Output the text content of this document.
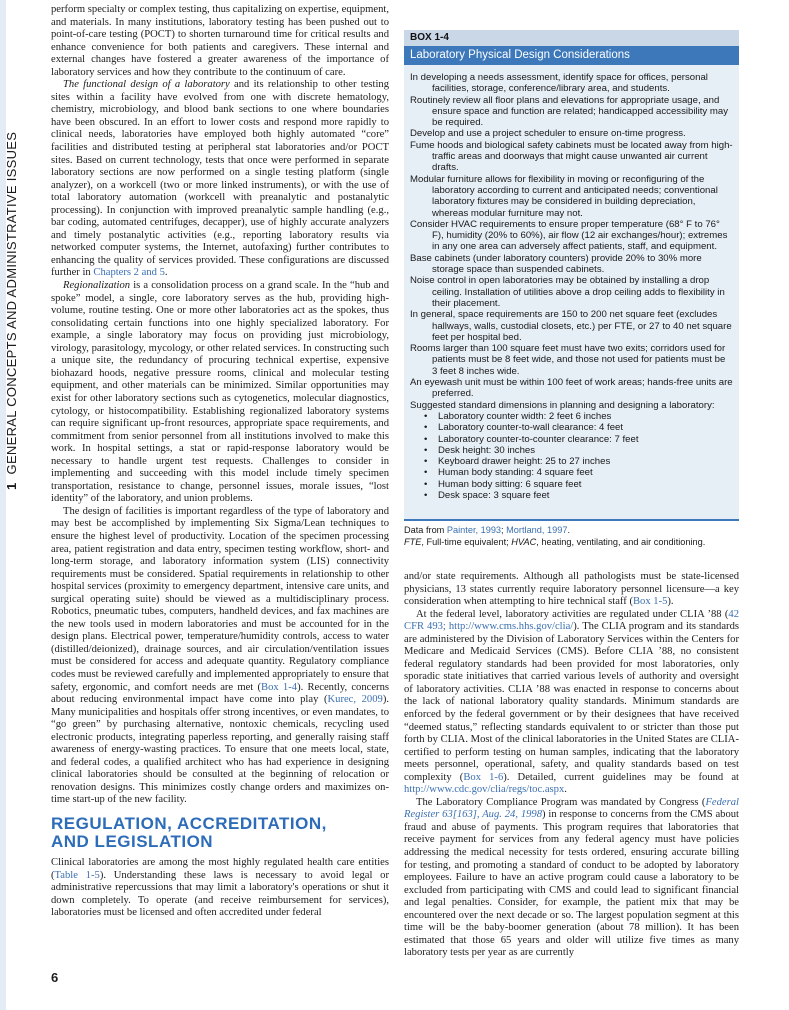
1GENERAL CONCEPTS AND ADMINISTRATIVE ISSUES

perform specialty or complex testing, thus capitalizing on expertise, equipment, and materials. In many institutions, laboratory testing has been pushed out to point-of-care testing (POCT) to shorten turnaround time for critical results and enhance convenience for both patients and caregivers. These internal and external changes have fostered a greater awareness of the importance of laboratory services and how they contribute to the continuum of care.

The functional design of a laboratory and its relationship to other testing sites within a facility have evolved from one with discrete hematology, chemistry, microbiology, and blood bank sections to one where boundaries have been obscured. In an effort to lower costs and respond more rapidly to clinical needs, laboratories have employed both highly automated “core” facilities and distributed testing at peripheral stat laboratories and/or POCT sites. Based on current technology, tests that once were performed in separate laboratory sections are now performed on a single testing platform (single analyzer), on a workcell (two or more linked instruments), or with the use of total laboratory automation (workcell with preanalytic and postanalytic processing). In conjunction with improved preanalytic sample handling (e.g., bar coding, automated centrifuges, decapper), use of highly accurate analyzers and timely postanalytic activities (e.g., reporting laboratory results via networked computer systems, the Internet, autofaxing) further contributes to enhancing the quality of services provided. These configurations are discussed further in Chapters 2 and 5.

Regionalization is a consolidation process on a grand scale. In the “hub and spoke” model, a single, core laboratory serves as the hub, providing high-volume, routine testing. One or more other laboratories act as the spokes, thus consolidating certain functions into one highly specialized laboratory. For example, a single laboratory may focus on providing just microbiology, virology, parasitology, mycology, or other related services. In constructing such a unique site, the redundancy of procuring technical expertise, expensive biohazard hoods, negative pressure rooms, clinical and molecular testing equipment, and other materials can be minimized. Similar opportunities may exist for other laboratory sections such as cytogenetics, molecular diagnostics, cytology, or histocompatibility. Establishing regionalized laboratory systems can require significant up-front resources, appropriate space requirements, and commitment from senior personnel from all institutions involved to make this work. In hospital settings, a stat or rapid-response laboratory would be necessary to handle urgent test requests. Challenges to consider in implementing and succeeding with this model include timely specimen transportation, resistance to change, personnel issues, morale issues, “lost identity” of the laboratory, and union problems.

The design of facilities is important regardless of the type of laboratory and may best be accomplished by implementing Six Sigma/Lean techniques to ensure the highest level of productivity. Location of the specimen processing area, patient registration and data entry, specimen testing workflow, short- and long-term storage, and laboratory information system (LIS) connectivity requirements must be considered. Spatial requirements in relationship to other hospital services (proximity to emergency department, intensive care units, and surgical operating suite) should be viewed as a multidisciplinary process. Robotics, pneumatic tubes, computers, handheld devices, and fax machines are the new tools used in modern laboratories and must be accounted for in the design plans. Electrical power, temperature/humidity controls, access to water (distilled/deionized), drainage sources, and air circulation/ventilation issues must be considered for access and adequate quantity. Regulatory compliance codes must be reviewed carefully and implemented appropriately to ensure that safety, ergonomic, and comfort needs are met (Box 1-4). Recently, concerns about reducing environmental impact have come into play (Kurec, 2009). Many municipalities and hospitals offer strong incentives, or even mandates, to “go green” by purchasing alternative, nontoxic chemicals, recycling used electronic products, integrating paperless reporting, and generally raising staff awareness of energy-wasting practices. To ensure that one meets local, state, and federal codes, a qualified architect who has had experience in designing clinical laboratories should be consulted at the beginning of relocation or renovation designs. This minimizes costly change orders and maximizes on-time start-up of the new facility.

REGULATION, ACCREDITATION,
AND LEGISLATION

Clinical laboratories are among the most highly regulated health care entities (Table 1-5). Understanding these laws is necessary to avoid legal or administrative repercussions that may limit a laboratory's operations or shut it down completely. To operate (and receive reimbursement for services), laboratories must be licensed and often accredited under federal

BOX 1-4
Laboratory Physical Design Considerations

In developing a needs assessment, identify space for offices, personal facilities, storage, conference/library area, and students.

Routinely review all floor plans and elevations for appropriate usage, and ensure space and function are related; handicapped accessibility may be required.

Develop and use a project scheduler to ensure on-time progress.

Fume hoods and biological safety cabinets must be located away from high-traffic areas and doorways that might cause unwanted air current drafts.

Modular furniture allows for flexibility in moving or reconfiguring of the laboratory according to current and anticipated needs; conventional laboratory fixtures may be considered in building depreciation, whereas modular furniture may not.

Consider HVAC requirements to ensure proper temperature (68° F to 76° F), humidity (20% to 60%), air flow (12 air exchanges/hour); extremes in any one area can adversely affect patients, staff, and equipment.

Base cabinets (under laboratory counters) provide 20% to 30% more storage space than suspended cabinets.

Noise control in open laboratories may be obtained by installing a drop ceiling. Installation of utilities above a drop ceiling adds to flexibility in their placement.

In general, space requirements are 150 to 200 net square feet (excludes hallways, walls, custodial closets, etc.) per FTE, or 27 to 40 net square feet per hospital bed.

Rooms larger than 100 square feet must have two exits; corridors used for patients must be 8 feet wide, and those not used for patients must be 3 feet 8 inches wide.

An eyewash unit must be within 100 feet of work areas; hands-free units are preferred.

Suggested standard dimensions in planning and designing a laboratory:

• Laboratory counter width: 2 feet 6 inches

• Laboratory counter-to-wall clearance: 4 feet

• Laboratory counter-to-counter clearance: 7 feet

• Desk height: 30 inches

• Keyboard drawer height: 25 to 27 inches

• Human body standing: 4 square feet

• Human body sitting: 6 square feet

• Desk space: 3 square feet

Data from Painter, 1993; Mortland, 1997.
FTE, Full-time equivalent; HVAC, heating, ventilating, and air conditioning.

and/or state requirements. Although all pathologists must be state-licensed physicians, 13 states currently require laboratory personnel licensure—a key consideration when attempting to hire technical staff (Box 1-5).

At the federal level, laboratory activities are regulated under CLIA ’88 (42 CFR 493; http://www.cms.hhs.gov/clia/). The CLIA program and its standards are administered by the Division of Laboratory Services within the Centers for Medicare and Medicaid Services (CMS). Before CLIA ’88, no consistent federal regulatory standards had been provided for most laboratories, only sporadic state initiatives that carried various levels of authority and oversight of laboratory activities. CLIA ’88 was enacted in response to concerns about the lack of national laboratory quality standards. Minimum standards are enforced by the federal government or by their designees that have received “deemed status,” reflecting standards equivalent to or stricter than those put forth by CLIA. Most of the clinical laboratories in the United States are CLIA-certified to perform testing on human samples, indicating that the laboratory meets personnel, operational, safety, and quality standards based on test complexity (Box 1-6). Detailed, current guidelines may be found at http://www.cdc.gov/clia/regs/toc.aspx.

The Laboratory Compliance Program was mandated by Congress (Federal Register 63[163], Aug. 24, 1998) in response to concerns from the CMS about fraud and abuse of payments. This program requires that laboratories that receive payment for services from any federal agency must have policies addressing the medical necessity for tests ordered, ensuring accurate billing for testing, and promoting a standard of conduct to be adopted by laboratory employees. Failure to have an active program could cause a laboratory to be excluded from participating with CMS and could lead to significant financial and legal penalties. Consider, for example, the patient mix that may be encountered over the next decade or so. The largest population segment at this time will be the baby-boomer generation (about 78 million). It has been estimated that those 65 years and older will utilize five times as many laboratory tests per year as are currently

6
